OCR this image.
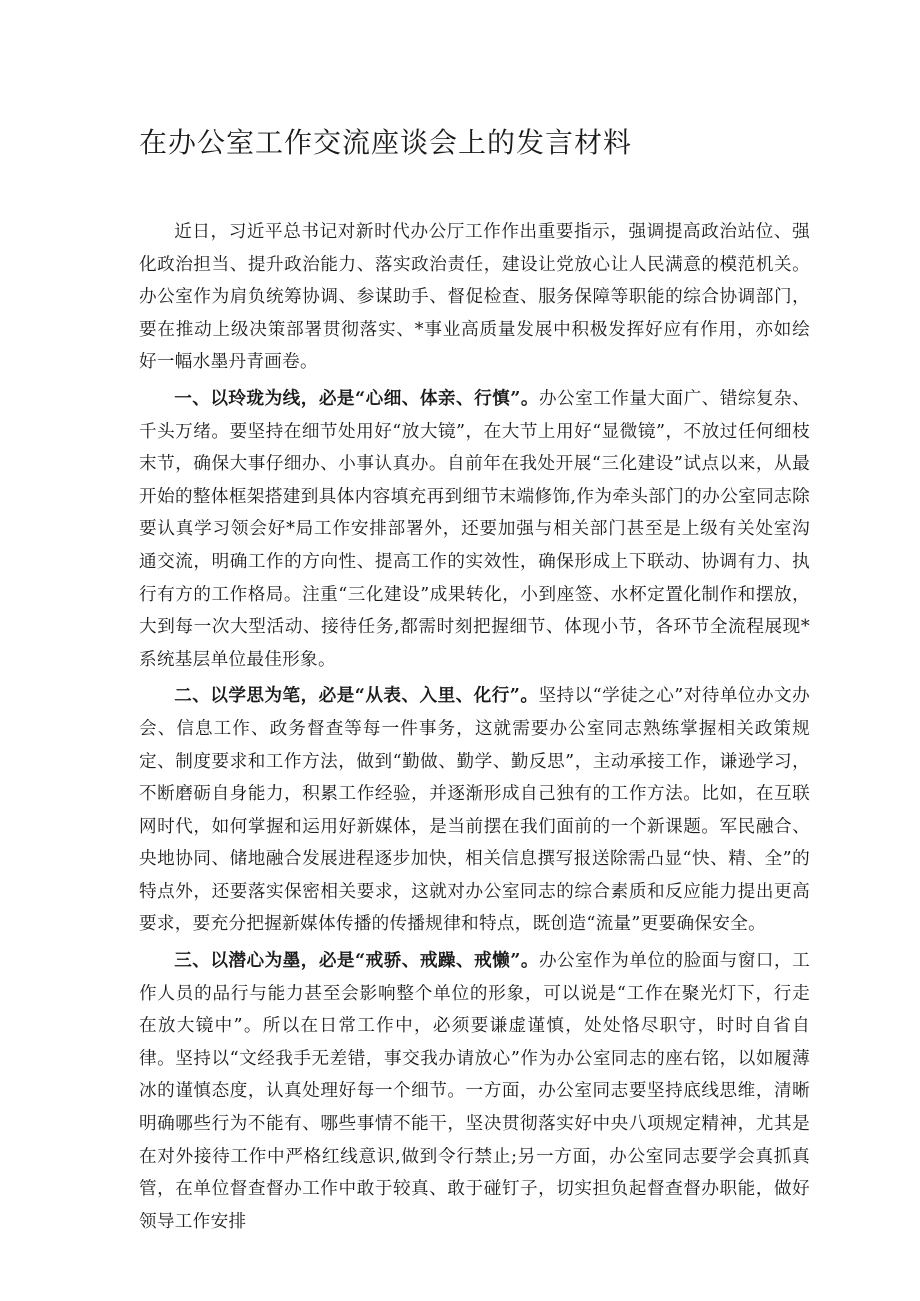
在办公室工作交流座谈会上的发言材料

近日，习近平总书记对新时代办公厅工作作出重要指示，强调提高政治站位、强化政治担当、提升政治能力、落实政治责任，建设让党放心让人民满意的模范机关。办公室作为肩负统筹协调、参谋助手、督促检查、服务保障等职能的综合协调部门，要在推动上级决策部署贯彻落实、*事业高质量发展中积极发挥好应有作用，亦如绘好一幅水墨丹青画卷。

一、以玲珑为线，必是“心细、体亲、行慎”。办公室工作量大面广、错综复杂、千头万绪。要坚持在细节处用好“放大镜”，在大节上用好“显微镜”，不放过任何细枝末节，确保大事仔细办、小事认真办。自前年在我处开展“三化建设”试点以来，从最开始的整体框架搭建到具体内容填充再到细节末端修饰,作为牵头部门的办公室同志除要认真学习领会好*局工作安排部署外，还要加强与相关部门甚至是上级有关处室沟通交流，明确工作的方向性、提高工作的实效性，确保形成上下联动、协调有力、执行有方的工作格局。注重“三化建设”成果转化，小到座签、水杯定置化制作和摆放，大到每一次大型活动、接待任务,都需时刻把握细节、体现小节，各环节全流程展现*系统基层单位最佳形象。

二、以学思为笔，必是“从表、入里、化行”。坚持以“学徒之心”对待单位办文办会、信息工作、政务督查等每一件事务，这就需要办公室同志熟练掌握相关政策规定、制度要求和工作方法，做到“勤做、勤学、勤反思”，主动承接工作，谦逊学习，不断磨砺自身能力，积累工作经验，并逐渐形成自己独有的工作方法。比如，在互联网时代，如何掌握和运用好新媒体，是当前摆在我们面前的一个新课题。军民融合、央地协同、储地融合发展进程逐步加快，相关信息撰写报送除需凸显“快、精、全”的特点外，还要落实保密相关要求，这就对办公室同志的综合素质和反应能力提出更高要求，要充分把握新媒体传播的传播规律和特点，既创造“流量”更要确保安全。

三、以潜心为墨，必是“戒骄、戒躁、戒懒”。办公室作为单位的脸面与窗口，工作人员的品行与能力甚至会影响整个单位的形象，可以说是“工作在聚光灯下，行走在放大镜中”。所以在日常工作中，必须要谦虚谨慎，处处恪尽职守，时时自省自律。坚持以“文经我手无差错，事交我办请放心”作为办公室同志的座右铭，以如履薄冰的谨慎态度，认真处理好每一个细节。一方面，办公室同志要坚持底线思维，清晰明确哪些行为不能有、哪些事情不能干，坚决贯彻落实好中央八项规定精神，尤其是在对外接待工作中严格红线意识,做到令行禁止;另一方面，办公室同志要学会真抓真管，在单位督查督办工作中敢于较真、敢于碰钉子，切实担负起督查督办职能，做好领导工作安排
